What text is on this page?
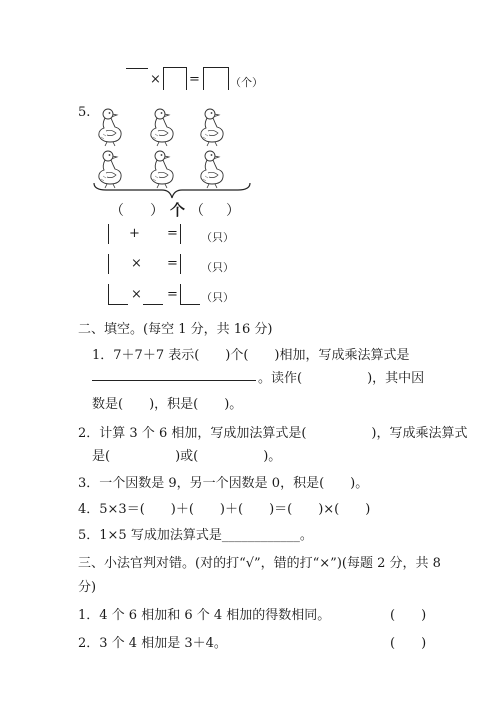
× =	（个）
5.
（ ） 个 （ ）
+ = （只）
× = （只）
× = （只）
二、填空。(每空 1 分，共 16 分)
1．7＋7＋7 表示(　　)个(　　)相加，写成乘法算式是
。读作(　　　　　)，其中因
数是(　　)，积是(　　)。
2．计算 3 个 6 相加，写成加法算式是(　　　　　)，写成乘法算式
是(　　　　　)或(　　　　　)。
3．一个因数是 9，另一个因数是 0，积是(　　)。
4．5×3＝(　　)＋(　　)＋(　　)＝(　　)×(　　)
5．1×5 写成加法算式是____________。
三、小法官判对错。(对的打“√”，错的打“×”)(每题 2 分，共 8
分)
1．4 个 6 相加和 6 个 4 相加的得数相同。	(　　)
2．3 个 4 相加是 3＋4。	(　　)
